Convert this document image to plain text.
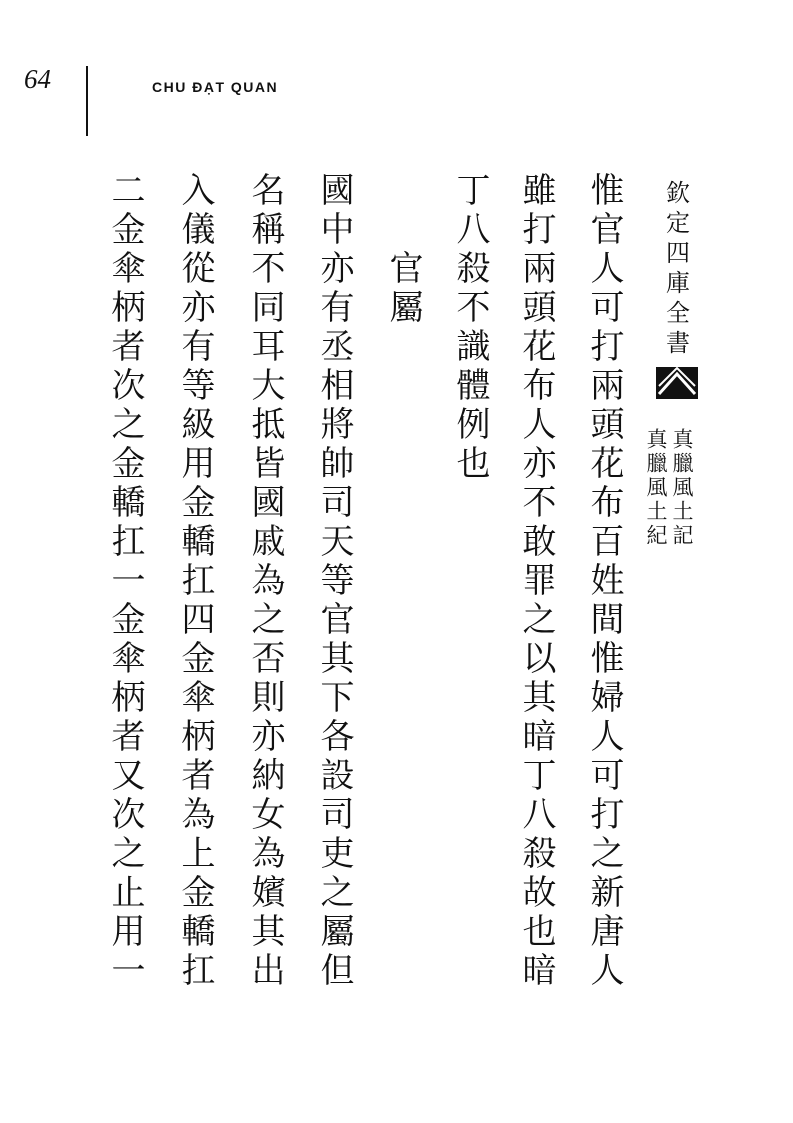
64	CHU ĐẠT QUAN
欽定四庫全書
真臘風土記
真臘風土紀
惟官人可打兩頭花布百姓間惟婦人可打之新唐人
雖打兩頭花布人亦不敢罪之以其暗丁八殺故也暗
丁八殺不識體例也
官屬
國中亦有丞相將帥司天等官其下各設司吏之屬但
名稱不同耳大抵皆國戚為之否則亦納女為嬪其出
入儀從亦有等級用金轎扛四金傘柄者為上金轎扛
二金傘柄者次之金轎扛一金傘柄者又次之止用一
